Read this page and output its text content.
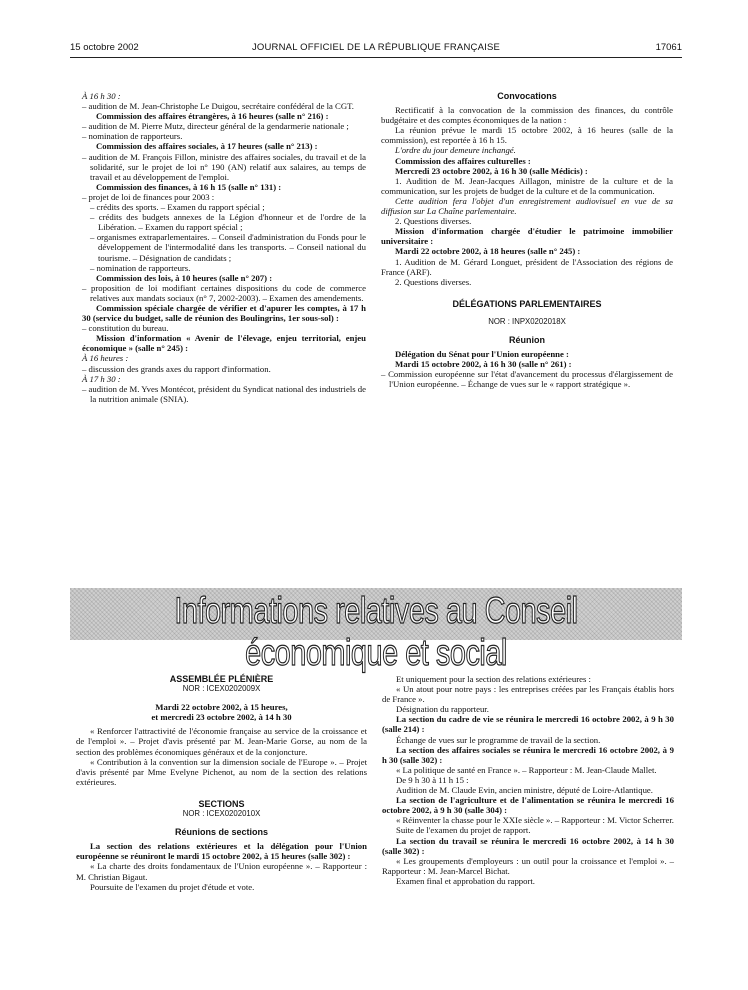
15 octobre 2002	JOURNAL OFFICIEL DE LA RÉPUBLIQUE FRANÇAISE	17061

À 16 h 30 :

– audition de M. Jean-Christophe Le Duigou, secrétaire confédéral de la CGT.

Commission des affaires étrangères, à 16 heures (salle n° 216) :

– audition de M. Pierre Mutz, directeur général de la gendarmerie nationale ;

– nomination de rapporteurs.

Commission des affaires sociales, à 17 heures (salle n° 213) :

– audition de M. François Fillon, ministre des affaires sociales, du travail et de la solidarité, sur le projet de loi n° 190 (AN) relatif aux salaires, au temps de travail et au développement de l'emploi.

Commission des finances, à 16 h 15 (salle n° 131) :

– projet de loi de finances pour 2003 :

– crédits des sports. – Examen du rapport spécial ;

– crédits des budgets annexes de la Légion d'honneur et de l'ordre de la Libération. – Examen du rapport spécial ;

– organismes extraparlementaires. – Conseil d'administration du Fonds pour le développement de l'intermodalité dans les transports. – Conseil national du tourisme. – Désignation de candidats ;

– nomination de rapporteurs.

Commission des lois, à 10 heures (salle n° 207) :

– proposition de loi modifiant certaines dispositions du code de commerce relatives aux mandats sociaux (n° 7, 2002-2003). – Examen des amendements.

Commission spéciale chargée de vérifier et d'apurer les comptes, à 17 h 30 (service du budget, salle de réunion des Boulingrins, 1er sous-sol) :

– constitution du bureau.

Mission d'information « Avenir de l'élevage, enjeu territorial, enjeu économique » (salle n° 245) :

À 16 heures :

– discussion des grands axes du rapport d'information.

À 17 h 30 :

– audition de M. Yves Montécot, président du Syndicat national des industriels de la nutrition animale (SNIA).

Convocations

Rectificatif à la convocation de la commission des finances, du contrôle budgétaire et des comptes économiques de la nation :

La réunion prévue le mardi 15 octobre 2002, à 16 heures (salle de la commission), est reportée à 16 h 15.

L'ordre du jour demeure inchangé.

Commission des affaires culturelles :

Mercredi 23 octobre 2002, à 16 h 30 (salle Médicis) :

1. Audition de M. Jean-Jacques Aillagon, ministre de la culture et de la communication, sur les projets de budget de la culture et de la communication.

Cette audition fera l'objet d'un enregistrement audiovisuel en vue de sa diffusion sur La Chaîne parlementaire.

2. Questions diverses.

Mission d'information chargée d'étudier le patrimoine immobilier universitaire :

Mardi 22 octobre 2002, à 18 heures (salle n° 245) :

1. Audition de M. Gérard Longuet, président de l'Association des régions de France (ARF).

2. Questions diverses.

DÉLÉGATIONS PARLEMENTAIRES

NOR : INPX0202018X

Réunion

Délégation du Sénat pour l'Union européenne :

Mardi 15 octobre 2002, à 16 h 30 (salle n° 261) :

– Commission européenne sur l'état d'avancement du processus d'élargissement de l'Union européenne. – Échange de vues sur le « rapport stratégique ».

Informations relatives au Conseil économique et social

ASSEMBLÉE PLÉNIÈRE

NOR : ICEX0202009X

Mardi 22 octobre 2002, à 15 heures,

et mercredi 23 octobre 2002, à 14 h 30

« Renforcer l'attractivité de l'économie française au service de la croissance et de l'emploi ». – Projet d'avis présenté par M. Jean-Marie Gorse, au nom de la section des problèmes économiques généraux et de la conjoncture.

« Contribution à la convention sur la dimension sociale de l'Europe ». – Projet d'avis présenté par Mme Evelyne Pichenot, au nom de la section des relations extérieures.

SECTIONS

NOR : ICEX0202010X

Réunions de sections

La section des relations extérieures et la délégation pour l'Union européenne se réuniront le mardi 15 octobre 2002, à 15 heures (salle 302) :

« La charte des droits fondamentaux de l'Union européenne ». – Rapporteur : M. Christian Bigaut.

Poursuite de l'examen du projet d'étude et vote.

Et uniquement pour la section des relations extérieures :

« Un atout pour notre pays : les entreprises créées par les Français établis hors de France ».

Désignation du rapporteur.

La section du cadre de vie se réunira le mercredi 16 octobre 2002, à 9 h 30 (salle 214) :

Échange de vues sur le programme de travail de la section.

La section des affaires sociales se réunira le mercredi 16 octobre 2002, à 9 h 30 (salle 302) :

« La politique de santé en France ». – Rapporteur : M. Jean-Claude Mallet.

De 9 h 30 à 11 h 15 :

Audition de M. Claude Evin, ancien ministre, député de Loire-Atlantique.

La section de l'agriculture et de l'alimentation se réunira le mercredi 16 octobre 2002, à 9 h 30 (salle 304) :

« Réinventer la chasse pour le XXIe siècle ». – Rapporteur : M. Victor Scherrer.

Suite de l'examen du projet de rapport.

La section du travail se réunira le mercredi 16 octobre 2002, à 14 h 30 (salle 302) :

« Les groupements d'employeurs : un outil pour la croissance et l'emploi ». – Rapporteur : M. Jean-Marcel Bichat.

Examen final et approbation du rapport.
